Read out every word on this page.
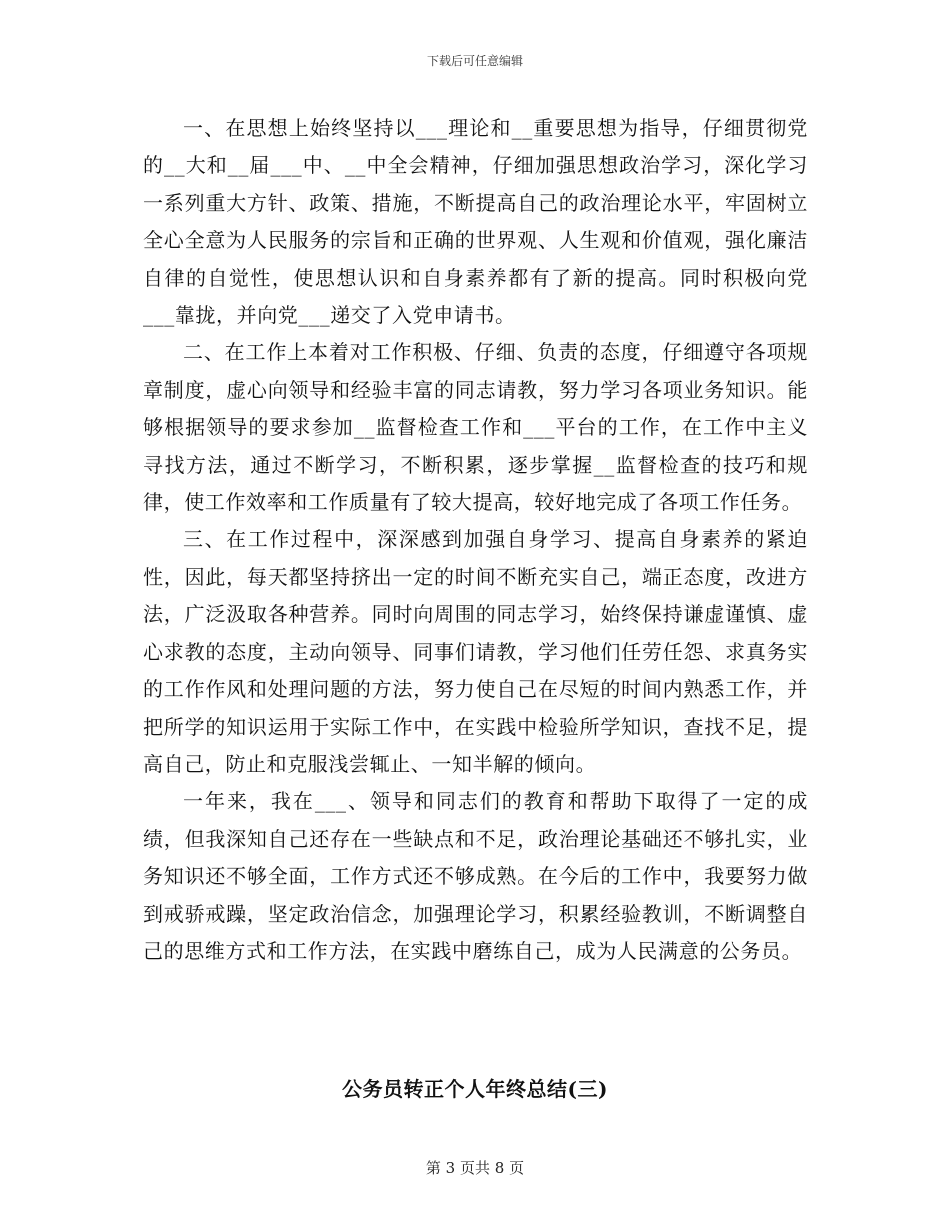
下载后可任意编辑

一、在思想上始终坚持以___理论和__重要思想为指导，仔细贯彻党的__大和__届___中、__中全会精神，仔细加强思想政治学习，深化学习一系列重大方针、政策、措施，不断提高自己的政治理论水平，牢固树立全心全意为人民服务的宗旨和正确的世界观、人生观和价值观，强化廉洁自律的自觉性，使思想认识和自身素养都有了新的提高。同时积极向党___靠拢，并向党___递交了入党申请书。

二、在工作上本着对工作积极、仔细、负责的态度，仔细遵守各项规章制度，虚心向领导和经验丰富的同志请教，努力学习各项业务知识。能够根据领导的要求参加__监督检查工作和___平台的工作，在工作中主义寻找方法，通过不断学习，不断积累，逐步掌握__监督检查的技巧和规律，使工作效率和工作质量有了较大提高，较好地完成了各项工作任务。

三、在工作过程中，深深感到加强自身学习、提高自身素养的紧迫性，因此，每天都坚持挤出一定的时间不断充实自己，端正态度，改进方法，广泛汲取各种营养。同时向周围的同志学习，始终保持谦虚谨慎、虚心求教的态度，主动向领导、同事们请教，学习他们任劳任怨、求真务实的工作作风和处理问题的方法，努力使自己在尽短的时间内熟悉工作，并把所学的知识运用于实际工作中，在实践中检验所学知识，查找不足，提高自己，防止和克服浅尝辄止、一知半解的倾向。

一年来，我在___、领导和同志们的教育和帮助下取得了一定的成绩，但我深知自己还存在一些缺点和不足，政治理论基础还不够扎实，业务知识还不够全面，工作方式还不够成熟。在今后的工作中，我要努力做到戒骄戒躁，坚定政治信念，加强理论学习，积累经验教训，不断调整自己的思维方式和工作方法，在实践中磨练自己，成为人民满意的公务员。

公务员转正个人年终总结(三)
第 3 页共 8 页
